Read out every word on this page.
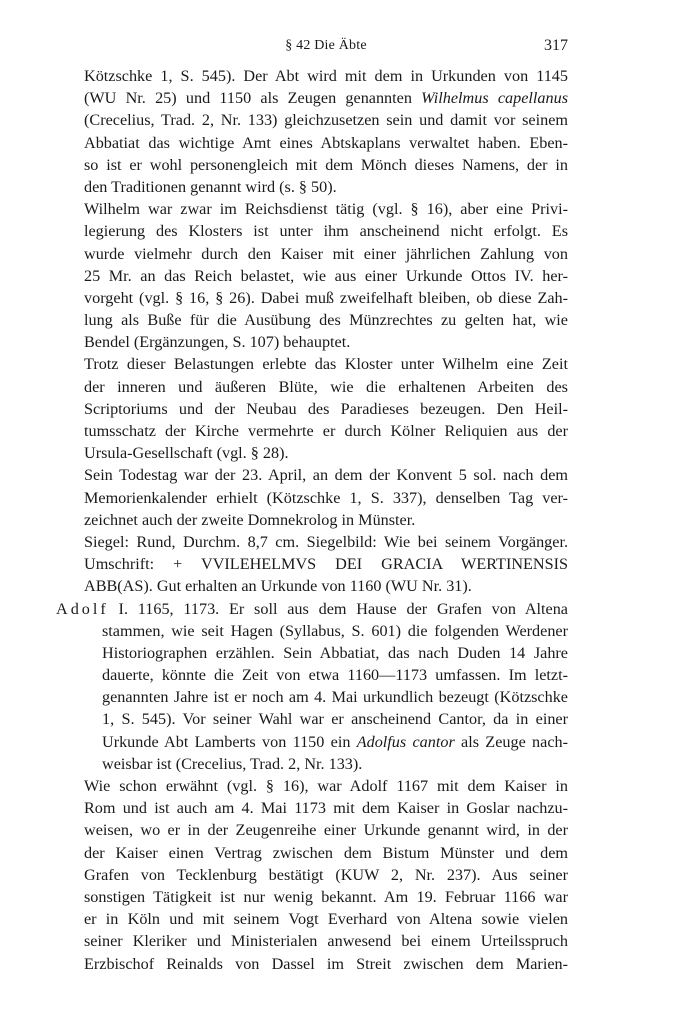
§ 42 Die Äbte	317
Kötzschke 1, S. 545). Der Abt wird mit dem in Urkunden von 1145
(WU Nr. 25) und 1150 als Zeugen genannten Wilhelmus capellanus
(Crecelius, Trad. 2, Nr. 133) gleichzusetzen sein und damit vor seinem
Abbatiat das wichtige Amt eines Abtskaplans verwaltet haben. Eben-
so ist er wohl personengleich mit dem Mönch dieses Namens, der in
den Traditionen genannt wird (s. § 50).
Wilhelm war zwar im Reichsdienst tätig (vgl. § 16), aber eine Privi-
legierung des Klosters ist unter ihm anscheinend nicht erfolgt. Es
wurde vielmehr durch den Kaiser mit einer jährlichen Zahlung von
25 Mr. an das Reich belastet, wie aus einer Urkunde Ottos IV. her-
vorgeht (vgl. § 16, § 26). Dabei muß zweifelhaft bleiben, ob diese Zah-
lung als Buße für die Ausübung des Münzrechtes zu gelten hat, wie
Bendel (Ergänzungen, S. 107) behauptet.
Trotz dieser Belastungen erlebte das Kloster unter Wilhelm eine Zeit
der inneren und äußeren Blüte, wie die erhaltenen Arbeiten des
Scriptoriums und der Neubau des Paradieses bezeugen. Den Heil-
tumsschatz der Kirche vermehrte er durch Kölner Reliquien aus der
Ursula-Gesellschaft (vgl. § 28).
Sein Todestag war der 23. April, an dem der Konvent 5 sol. nach dem
Memorienkalender erhielt (Kötzschke 1, S. 337), denselben Tag ver-
zeichnet auch der zweite Domnekrolog in Münster.
Siegel: Rund, Durchm. 8,7 cm. Siegelbild: Wie bei seinem Vorgänger.
Umschrift: + VVILEHELMVS DEI GRACIA WERTINENSIS
ABB(AS). Gut erhalten an Urkunde von 1160 (WU Nr. 31).
Adolf I. 1165, 1173. Er soll aus dem Hause der Grafen von Altena
stammen, wie seit Hagen (Syllabus, S. 601) die folgenden Werdener
Historiographen erzählen. Sein Abbatiat, das nach Duden 14 Jahre
dauerte, könnte die Zeit von etwa 1160—1173 umfassen. Im letzt-
genannten Jahre ist er noch am 4. Mai urkundlich bezeugt (Kötzschke
1, S. 545). Vor seiner Wahl war er anscheinend Cantor, da in einer
Urkunde Abt Lamberts von 1150 ein Adolfus cantor als Zeuge nach-
weisbar ist (Crecelius, Trad. 2, Nr. 133).
Wie schon erwähnt (vgl. § 16), war Adolf 1167 mit dem Kaiser in
Rom und ist auch am 4. Mai 1173 mit dem Kaiser in Goslar nachzu-
weisen, wo er in der Zeugenreihe einer Urkunde genannt wird, in der
der Kaiser einen Vertrag zwischen dem Bistum Münster und dem
Grafen von Tecklenburg bestätigt (KUW 2, Nr. 237). Aus seiner
sonstigen Tätigkeit ist nur wenig bekannt. Am 19. Februar 1166 war
er in Köln und mit seinem Vogt Everhard von Altena sowie vielen
seiner Kleriker und Ministerialen anwesend bei einem Urteilsspruch
Erzbischof Reinalds von Dassel im Streit zwischen dem Marien-
